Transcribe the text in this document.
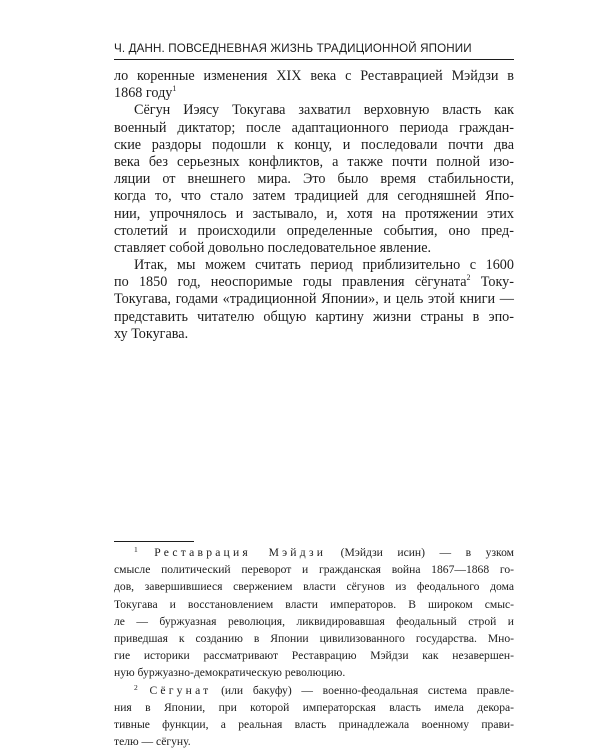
Ч. ДАНН. ПОВСЕДНЕВНАЯ ЖИЗНЬ ТРАДИЦИОННОЙ ЯПОНИИ
ло коренные изменения XIX века с Реставрацией Мэйдзи в
1868 году$^1$
Сёгун Иэясу Токугава захватил верховную власть как
военный диктатор; после адаптационного периода граждан-
ские раздоры подошли к концу, и последовали почти два
века без серьезных конфликтов, а также почти полной изо-
ляции от внешнего мира. Это было время стабильности,
когда то, что стало затем традицией для сегодняшней Япо-
нии, упрочнялось и застывало, и, хотя на протяжении этих
столетий и происходили определенные события, оно пред-
ставляет собой довольно последовательное явление.
Итак, мы можем считать период приблизительно с 1600
по 1850 год, неоспоримые годы правления сёгуната$^2$ Току-
Токугава, годами «традиционной Японии», и цель этой книги —
представить читателю общую картину жизни страны в эпо-
ху Токугава.
$^1$ Реставрация Мэйдзи (Мэйдзи исин) — в узком
смысле политический переворот и гражданская война 1867—1868 го-
дов, завершившиеся свержением власти сёгунов из феодального дома
Токугава и восстановлением власти императоров. В широком смыс-
ле — буржуазная революция, ликвидировавшая феодальный строй и
приведшая к созданию в Японии цивилизованного государства. Мно-
гие историки рассматривают Реставрацию Мэйдзи как незавершен-
ную буржуазно-демократическую революцию.
$^2$ Сёгунат (или бакуфу) — военно-феодальная система правле-
ния в Японии, при которой императорская власть имела декора-
тивные функции, а реальная власть принадлежала военному прави-
телю — сёгуну.
